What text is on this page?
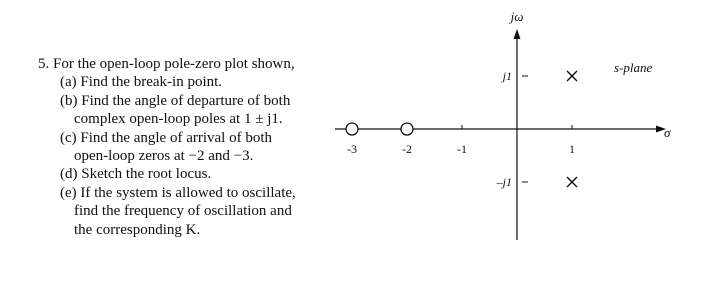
5. For the open-loop pole-zero plot shown,

(a) Find the break-in point.

(b) Find the angle of departure of both

complex open-loop poles at 1 ± j1.

(c) Find the angle of arrival of both

open-loop zeros at −2 and −3.

(d) Sketch the root locus.

(e) If the system is allowed to oscillate,

find the frequency of oscillation and

the corresponding K.

-3	-2	-1	1
j1
–j1
s-plane
σ
jω
